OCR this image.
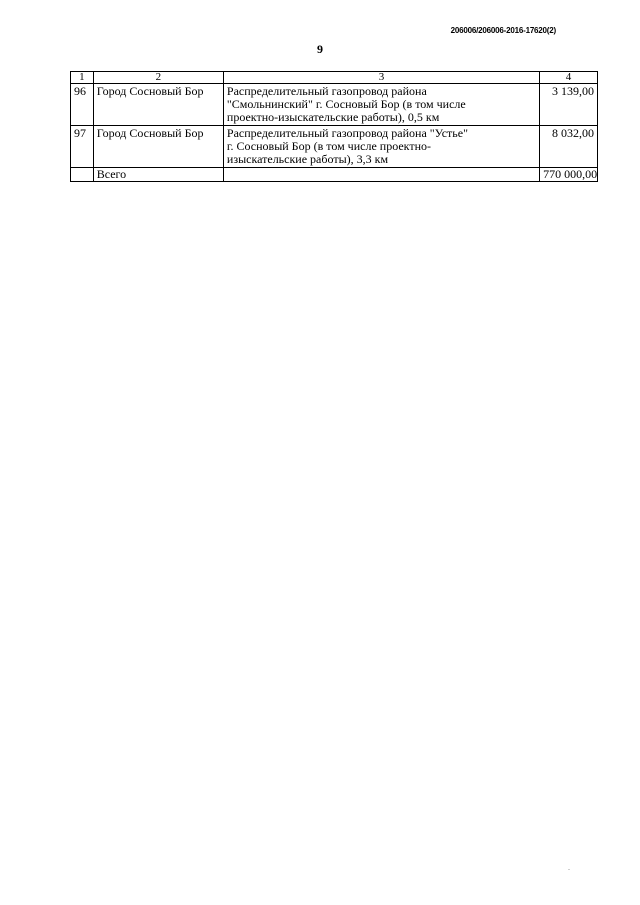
206006/206006-2016-17620(2)
9
1	2	3	4
96	Город Сосновый Бор	Распределительный газопровод района
"Смольнинский" г. Сосновый Бор (в том числе
проектно-изыскательские работы), 0,5 км	3 139,00
97	Город Сосновый Бор	Распределительный газопровод района "Устье"
г. Сосновый Бор (в том числе проектно-
изыскательские работы), 3,3 км	8 032,00
	Всего		770 000,00
